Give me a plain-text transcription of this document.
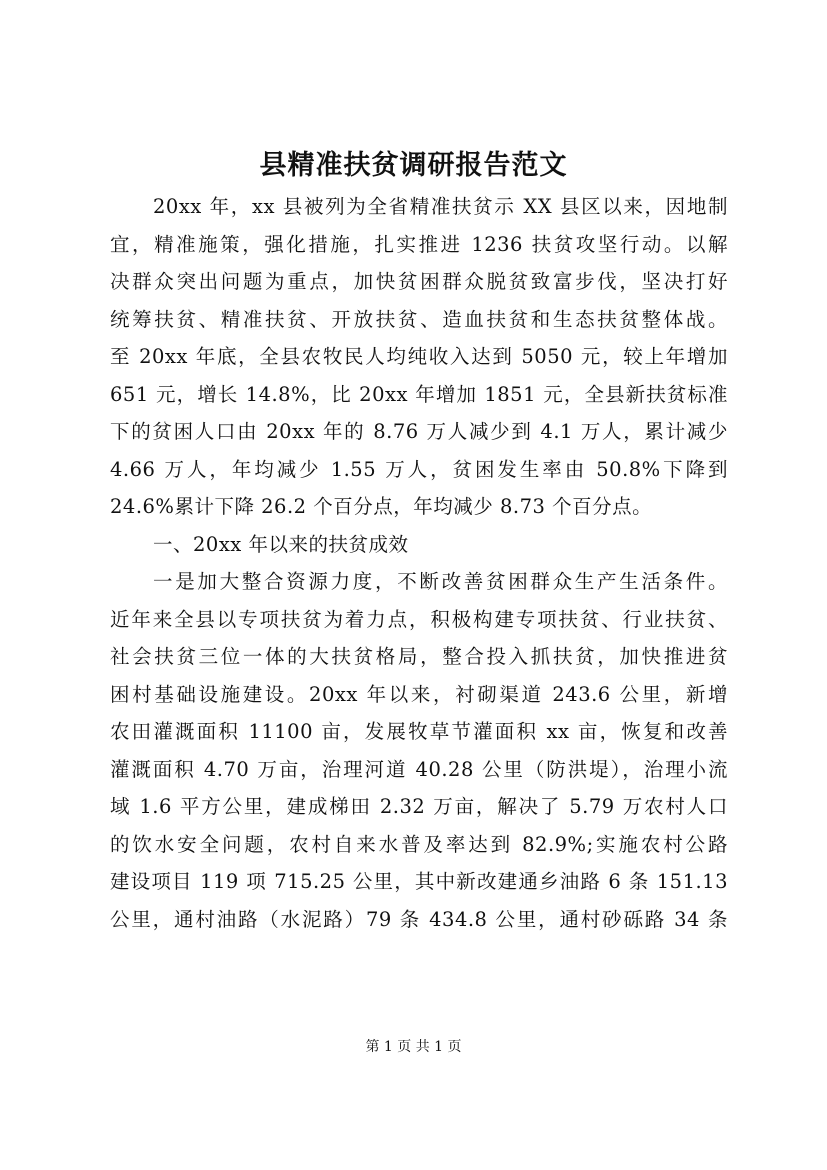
县精准扶贫调研报告范文
20xx 年，xx 县被列为全省精准扶贫示 XX 县区以来，因地制
宜，精准施策，强化措施，扎实推进 1236 扶贫攻坚行动。以解
决群众突出问题为重点，加快贫困群众脱贫致富步伐，坚决打好
统筹扶贫、精准扶贫、开放扶贫、造血扶贫和生态扶贫整体战。
至 20xx 年底，全县农牧民人均纯收入达到 5050 元，较上年增加
651 元，增长 14.8%，比 20xx 年增加 1851 元，全县新扶贫标准
下的贫困人口由 20xx 年的 8.76 万人减少到 4.1 万人，累计减少
4.66 万人，年均减少 1.55 万人，贫困发生率由 50.8%下降到
24.6%累计下降 26.2 个百分点，年均减少 8.73 个百分点。
一、20xx 年以来的扶贫成效
一是加大整合资源力度，不断改善贫困群众生产生活条件。
近年来全县以专项扶贫为着力点，积极构建专项扶贫、行业扶贫、
社会扶贫三位一体的大扶贫格局，整合投入抓扶贫，加快推进贫
困村基础设施建设。20xx 年以来，衬砌渠道 243.6 公里，新增
农田灌溉面积 11100 亩，发展牧草节灌面积 xx 亩，恢复和改善
灌溉面积 4.70 万亩，治理河道 40.28 公里（防洪堤），治理小流
域 1.6 平方公里，建成梯田 2.32 万亩，解决了 5.79 万农村人口
的饮水安全问题，农村自来水普及率达到 82.9%;实施农村公路
建设项目 119 项 715.25 公里，其中新改建通乡油路 6 条 151.13
公里，通村油路（水泥路）79 条 434.8 公里，通村砂砾路 34 条
第 1 页 共 1 页
